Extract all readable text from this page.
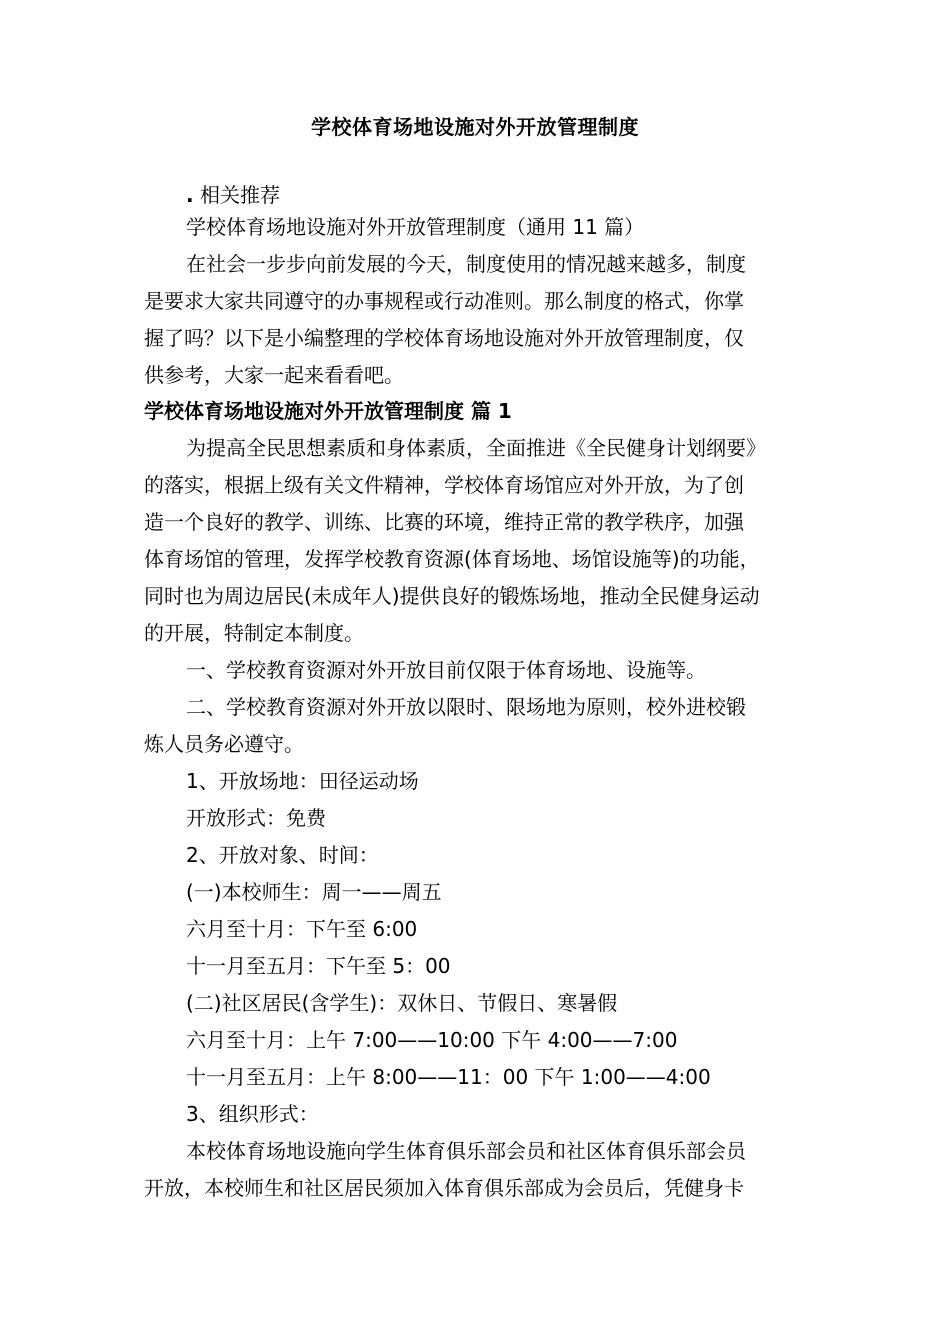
学校体育场地设施对外开放管理制度
. 相关推荐
学校体育场地设施对外开放管理制度（通用 11 篇）
在社会一步步向前发展的今天，制度使用的情况越来越多，制度
是要求大家共同遵守的办事规程或行动准则。那么制度的格式，你掌
握了吗？以下是小编整理的学校体育场地设施对外开放管理制度，仅
供参考，大家一起来看看吧。
学校体育场地设施对外开放管理制度 篇 1
为提高全民思想素质和身体素质，全面推进《全民健身计划纲要》
的落实，根据上级有关文件精神，学校体育场馆应对外开放，为了创
造一个良好的教学、训练、比赛的环境，维持正常的教学秩序，加强
体育场馆的管理，发挥学校教育资源(体育场地、场馆设施等)的功能，
同时也为周边居民(未成年人)提供良好的锻炼场地，推动全民健身运动
的开展，特制定本制度。
一、学校教育资源对外开放目前仅限于体育场地、设施等。
二、学校教育资源对外开放以限时、限场地为原则，校外进校锻
炼人员务必遵守。
1、开放场地：田径运动场
开放形式：免费
2、开放对象、时间：
(一)本校师生：周一——周五
六月至十月：下午至 6:00
十一月至五月：下午至 5：00
(二)社区居民(含学生)：双休日、节假日、寒暑假
六月至十月：上午 7:00——10:00 下午 4:00——7:00
十一月至五月：上午 8:00——11：00 下午 1:00——4:00
3、组织形式：
本校体育场地设施向学生体育俱乐部会员和社区体育俱乐部会员
开放，本校师生和社区居民须加入体育俱乐部成为会员后，凭健身卡
